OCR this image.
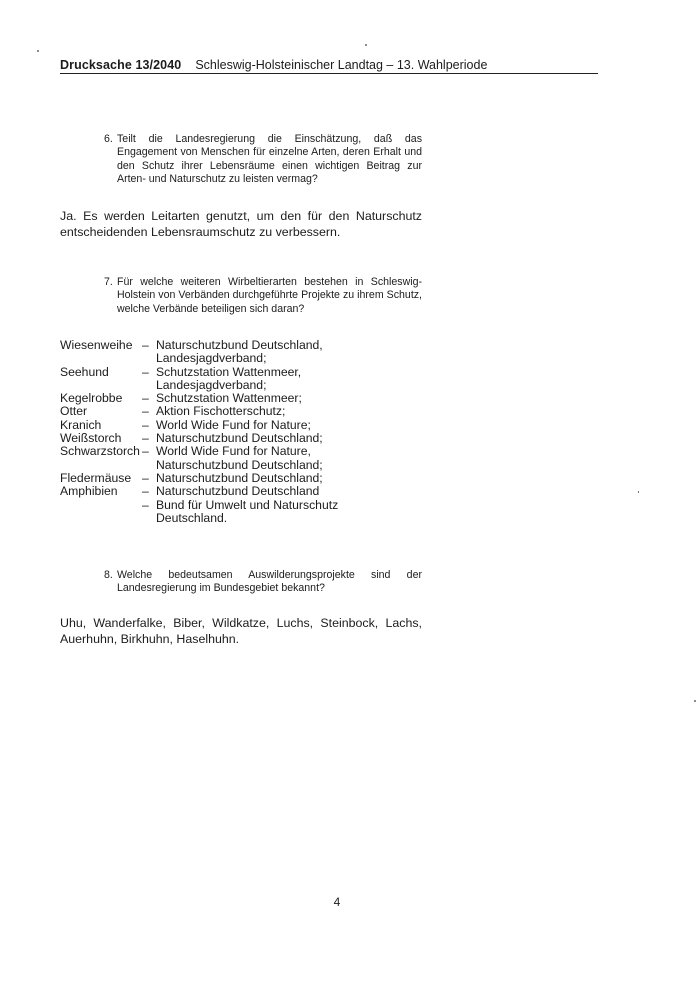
Drucksache 13/2040 Schleswig-Holsteinischer Landtag – 13. Wahlperiode
6. Teilt die Landesregierung die Einschätzung, daß das Engagement von Menschen für einzelne Arten, deren Erhalt und den Schutz ihrer Lebensräume einen wichtigen Beitrag zur Arten- und Naturschutz zu leisten vermag?
Ja. Es werden Leitarten genutzt, um den für den Naturschutz entscheidenden Lebensraumschutz zu verbessern.
7. Für welche weiteren Wirbeltierarten bestehen in Schleswig-Holstein von Verbänden durchgeführte Projekte zu ihrem Schutz, welche Verbände beteiligen sich daran?
Wiesenweihe – Naturschutzbund Deutschland, Landesjagdverband;
Seehund	– Schutzstation Wattenmeer, Landesjagdverband;
Kegelrobbe – Schutzstation Wattenmeer;
Otter	– Aktion Fischotterschutz;
Kranich	– World Wide Fund for Nature;
Weißstorch – Naturschutzbund Deutschland;
Schwarzstorch – World Wide Fund for Nature, Naturschutzbund Deutschland;
Fledermäuse – Naturschutzbund Deutschland;
Amphibien – Naturschutzbund Deutschland
– Bund für Umwelt und Naturschutz Deutschland.
8. Welche bedeutsamen Auswilderungsprojekte sind der Landesregierung im Bundesgebiet bekannt?
Uhu, Wanderfalke, Biber, Wildkatze, Luchs, Steinbock, Lachs, Auerhuhn, Birkhuhn, Haselhuhn.
4
